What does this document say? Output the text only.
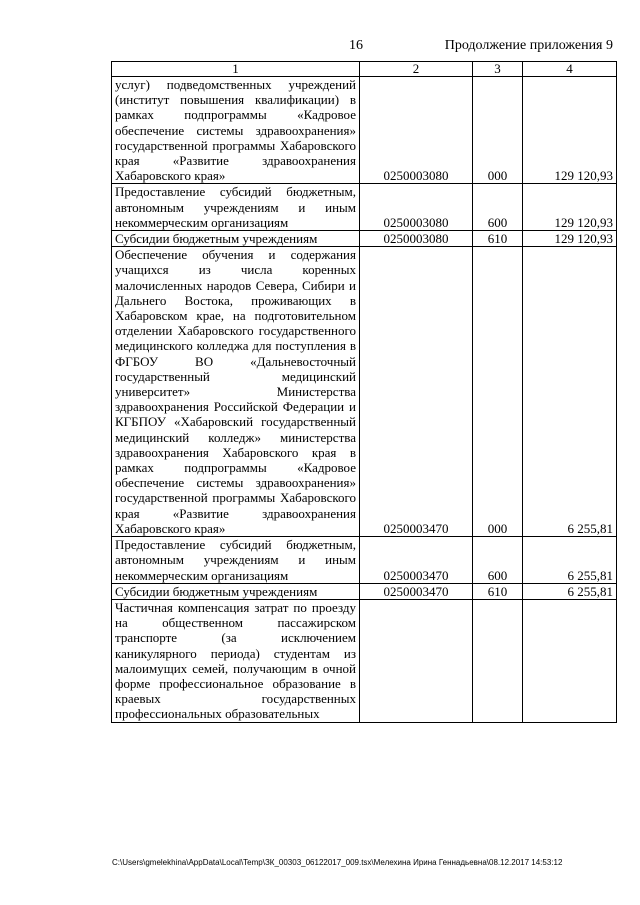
16	Продолжение приложения 9
1	2	3	4
услуг) подведомственных учреждений (институт повышения квалификации) в рамках подпрограммы «Кадровое обеспечение системы здравоохранения» государственной программы Хабаровского края «Развитие здравоохранения Хабаровского края»	0250003080	000	129 120,93
Предоставление субсидий бюджетным, автономным учреждениям и иным некоммерческим организациям	0250003080	600	129 120,93
Субсидии бюджетным учреждениям	0250003080	610	129 120,93
Обеспечение обучения и содержания учащихся из числа коренных малочисленных народов Севера, Сибири и Дальнего Востока, проживающих в Хабаровском крае, на подготовительном отделении Хабаровского государственного медицинского колледжа для поступления в ФГБОУ ВО «Дальневосточный государственный медицинский университет» Министерства здравоохранения Российской Федерации и КГБПОУ «Хабаровский государственный медицинский колледж» министерства здравоохранения Хабаровского края в рамках подпрограммы «Кадровое обеспечение системы здравоохранения» государственной программы Хабаровского края «Развитие здравоохранения Хабаровского края»	0250003470	000	6 255,81
Предоставление субсидий бюджетным, автономным учреждениям и иным некоммерческим организациям	0250003470	600	6 255,81
Субсидии бюджетным учреждениям	0250003470	610	6 255,81
Частичная компенсация затрат по проезду на общественном пассажирском транспорте (за исключением каникулярного периода) студентам из малоимущих семей, получающим в очной форме профессиональное образование в краевых государственных профессиональных образовательных			
C:\Users\gmelekhina\AppData\Local\Temp\ЗК_00303_06122017_009.tsx\Мелехина Ирина Геннадьевна\08.12.2017 14:53:12
